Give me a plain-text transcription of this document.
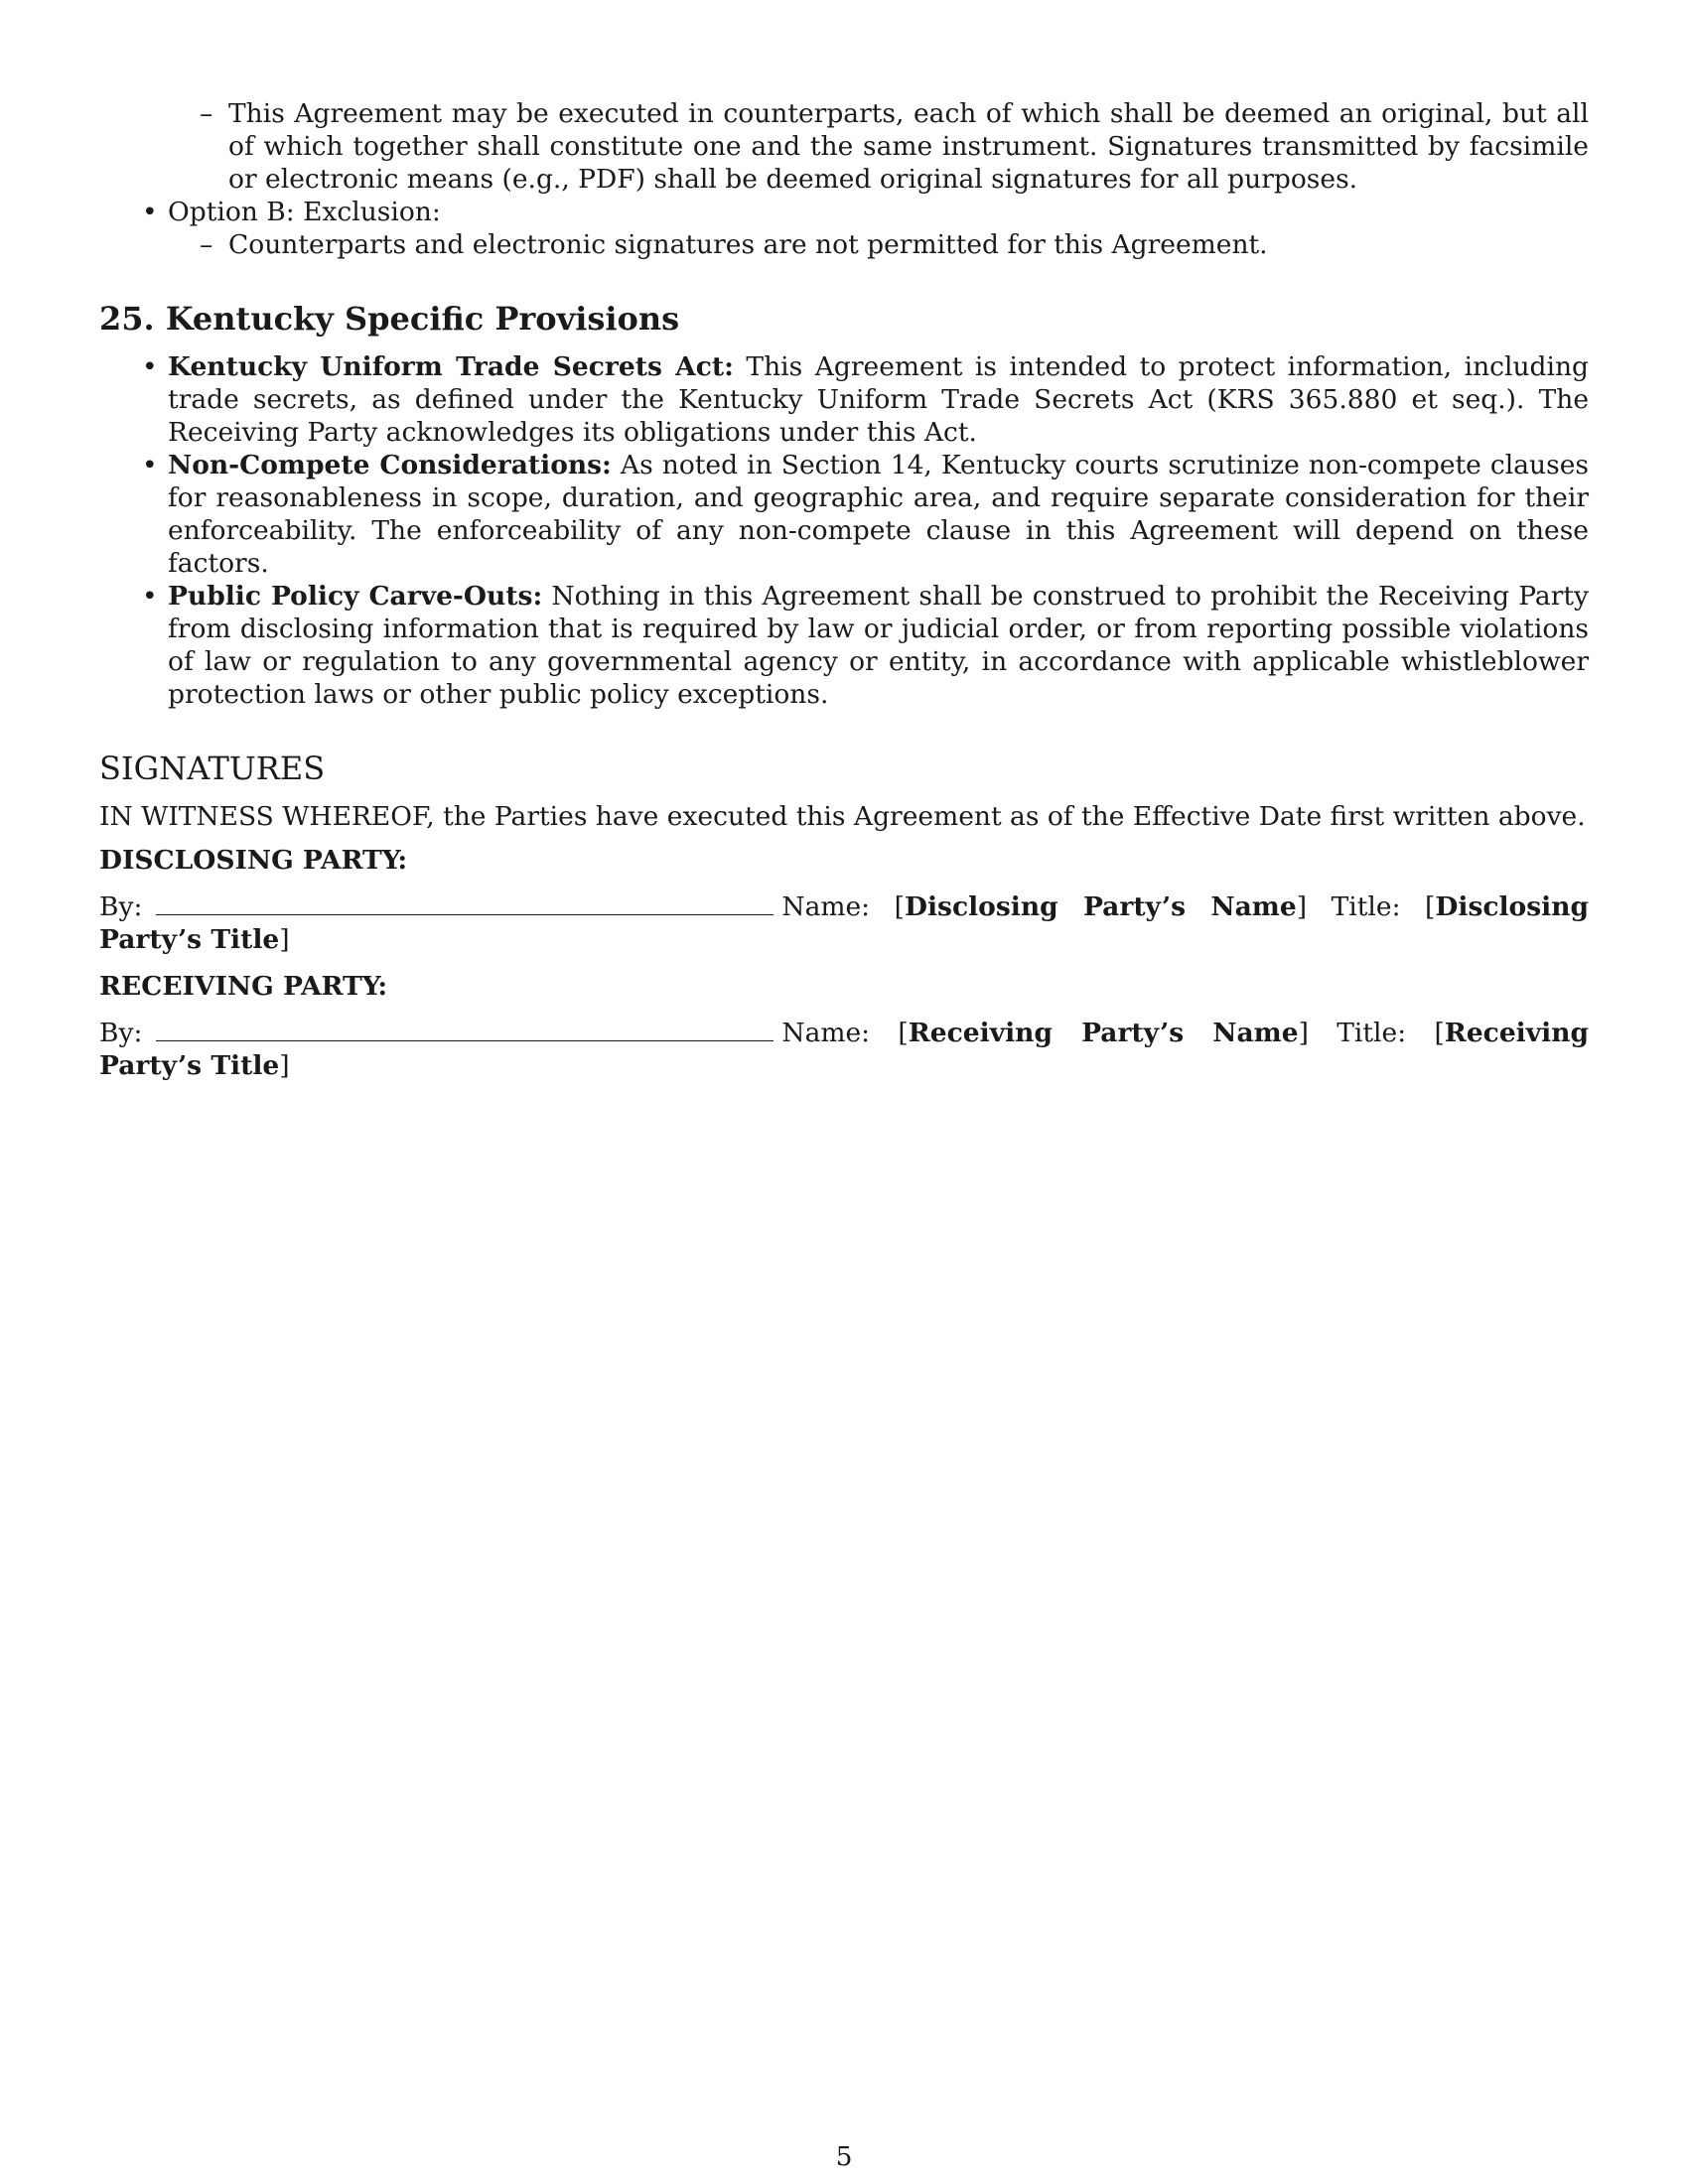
– This Agreement may be executed in counterparts, each of which shall be deemed an original, but all of which together shall constitute one and the same instrument. Signatures transmitted by facsimile or electronic means (e.g., PDF) shall be deemed original signatures for all purposes.
• Option B: Exclusion:
– Counterparts and electronic signatures are not permitted for this Agreement.
25. Kentucky Specific Provisions
• Kentucky Uniform Trade Secrets Act: This Agreement is intended to protect information, including trade secrets, as defined under the Kentucky Uniform Trade Secrets Act (KRS 365.880 et seq.). The Receiving Party acknowledges its obligations under this Act.
• Non-Compete Considerations: As noted in Section 14, Kentucky courts scrutinize non-compete clauses for reasonableness in scope, duration, and geographic area, and require separate consideration for their enforceability. The enforceability of any non-compete clause in this Agreement will depend on these factors.
• Public Policy Carve-Outs: Nothing in this Agreement shall be construed to prohibit the Receiving Party from disclosing information that is required by law or judicial order, or from reporting possible violations of law or regulation to any governmental agency or entity, in accordance with applicable whistleblower protection laws or other public policy exceptions.
SIGNATURES

IN WITNESS WHEREOF, the Parties have executed this Agreement as of the Effective Date first written above.

DISCLOSING PARTY:

By:	Name: [Disclosing Party’s Name] Title: [Disclosing Party’s Title]

RECEIVING PARTY:

By:	Name: [Receiving Party’s Name] Title: [Receiving Party’s Title]

5
